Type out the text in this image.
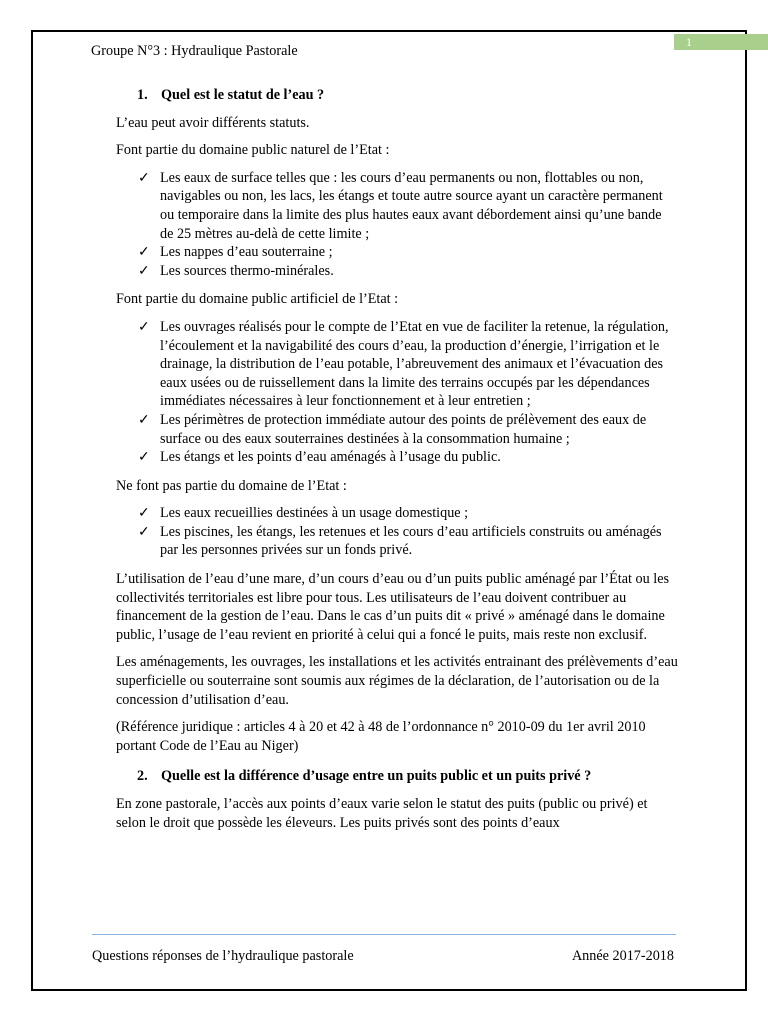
1
Groupe N°3 : Hydraulique Pastorale

1. Quel est le statut de l’eau ?

L’eau peut avoir différents statuts.

Font partie du domaine public naturel de l’Etat :

✓ Les eaux de surface telles que : les cours d’eau permanents ou non, flottables ou non, navigables ou non, les lacs, les étangs et toute autre source ayant un caractère permanent ou temporaire dans la limite des plus hautes eaux avant débordement ainsi qu’une bande de 25 mètres au-delà de cette limite ;
✓ Les nappes d’eau souterraine ;
✓ Les sources thermo-minérales.

Font partie du domaine public artificiel de l’Etat :

✓ Les ouvrages réalisés pour le compte de l’Etat en vue de faciliter la retenue, la régulation, l’écoulement et la navigabilité des cours d’eau, la production d’énergie, l’irrigation et le drainage, la distribution de l’eau potable, l’abreuvement des animaux et l’évacuation des eaux usées ou de ruissellement dans la limite des terrains occupés par les dépendances immédiates nécessaires à leur fonctionnement et à leur entretien ;
✓ Les périmètres de protection immédiate autour des points de prélèvement des eaux de surface ou des eaux souterraines destinées à la consommation humaine ;
✓ Les étangs et les points d’eau aménagés à l’usage du public.

Ne font pas partie du domaine de l’Etat :

✓ Les eaux recueillies destinées à un usage domestique ;
✓ Les piscines, les étangs, les retenues et les cours d’eau artificiels construits ou aménagés par les personnes privées sur un fonds privé.

L’utilisation de l’eau d’une mare, d’un cours d’eau ou d’un puits public aménagé par l’État ou les collectivités territoriales est libre pour tous. Les utilisateurs de l’eau doivent contribuer au financement de la gestion de l’eau. Dans le cas d’un puits dit « privé » aménagé dans le domaine public, l’usage de l’eau revient en priorité à celui qui a foncé le puits, mais reste non exclusif.

Les aménagements, les ouvrages, les installations et les activités entrainant des prélèvements d’eau superficielle ou souterraine sont soumis aux régimes de la déclaration, de l’autorisation ou de la concession d’utilisation d’eau.

(Référence juridique : articles 4 à 20 et 42 à 48 de l’ordonnance n° 2010-09 du 1er avril 2010 portant Code de l’Eau au Niger)

2. Quelle est la différence d’usage entre un puits public et un puits privé ?

En zone pastorale, l’accès aux points d’eaux varie selon le statut des puits (public ou privé) et selon le droit que possède les éleveurs. Les puits privés sont des points d’eaux

Questions réponses de l’hydraulique pastorale	Année 2017-2018
